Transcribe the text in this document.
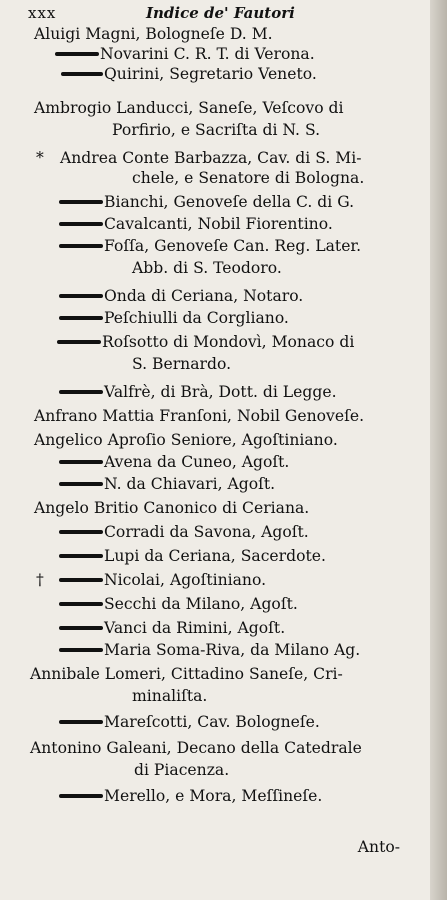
xxx	Indice de' Fautori
Aluigi Magni, Bologneſe D. M.
Novarini C. R. T. di Verona.
Quirini, Segretario Veneto.
Ambrogio Landucci, Saneſe, Veſcovo di
Porfirio, e Sacriſta di N. S.
Andrea Conte Barbazza, Cav. di S. Mi-
*
chele, e Senatore di Bologna.
Bianchi, Genoveſe della C. di G.
Cavalcanti, Nobil Fiorentino.
Foſſa, Genoveſe Can. Reg. Later.
Abb. di S. Teodoro.
Onda di Ceriana, Notaro.
Peſchiulli da Corgliano.
Roſsotto di Mondovì, Monaco di
S. Bernardo.
Valfrè, di Brà, Dott. di Legge.
Anfrano Mattia Franſoni, Nobil Genoveſe.
Angelico Aproſio Seniore, Agoſtiniano.
Avena da Cuneo, Agoſt.
N. da Chiavari, Agoſt.
Angelo Britio Canonico di Ceriana.
Corradi da Savona, Agoſt.
Lupi da Ceriana, Sacerdote.
Nicolai, Agoſtiniano.
†
Secchi da Milano, Agoſt.
Vanci da Rimini, Agoſt.
Maria Soma-Riva, da Milano Ag.
Annibale Lomeri, Cittadino Saneſe, Cri-
minaliſta.
Mareſcotti, Cav. Bologneſe.
Antonino Galeani, Decano della Catedrale
di Piacenza.
Merello, e Mora, Meſſineſe.
Anto-
